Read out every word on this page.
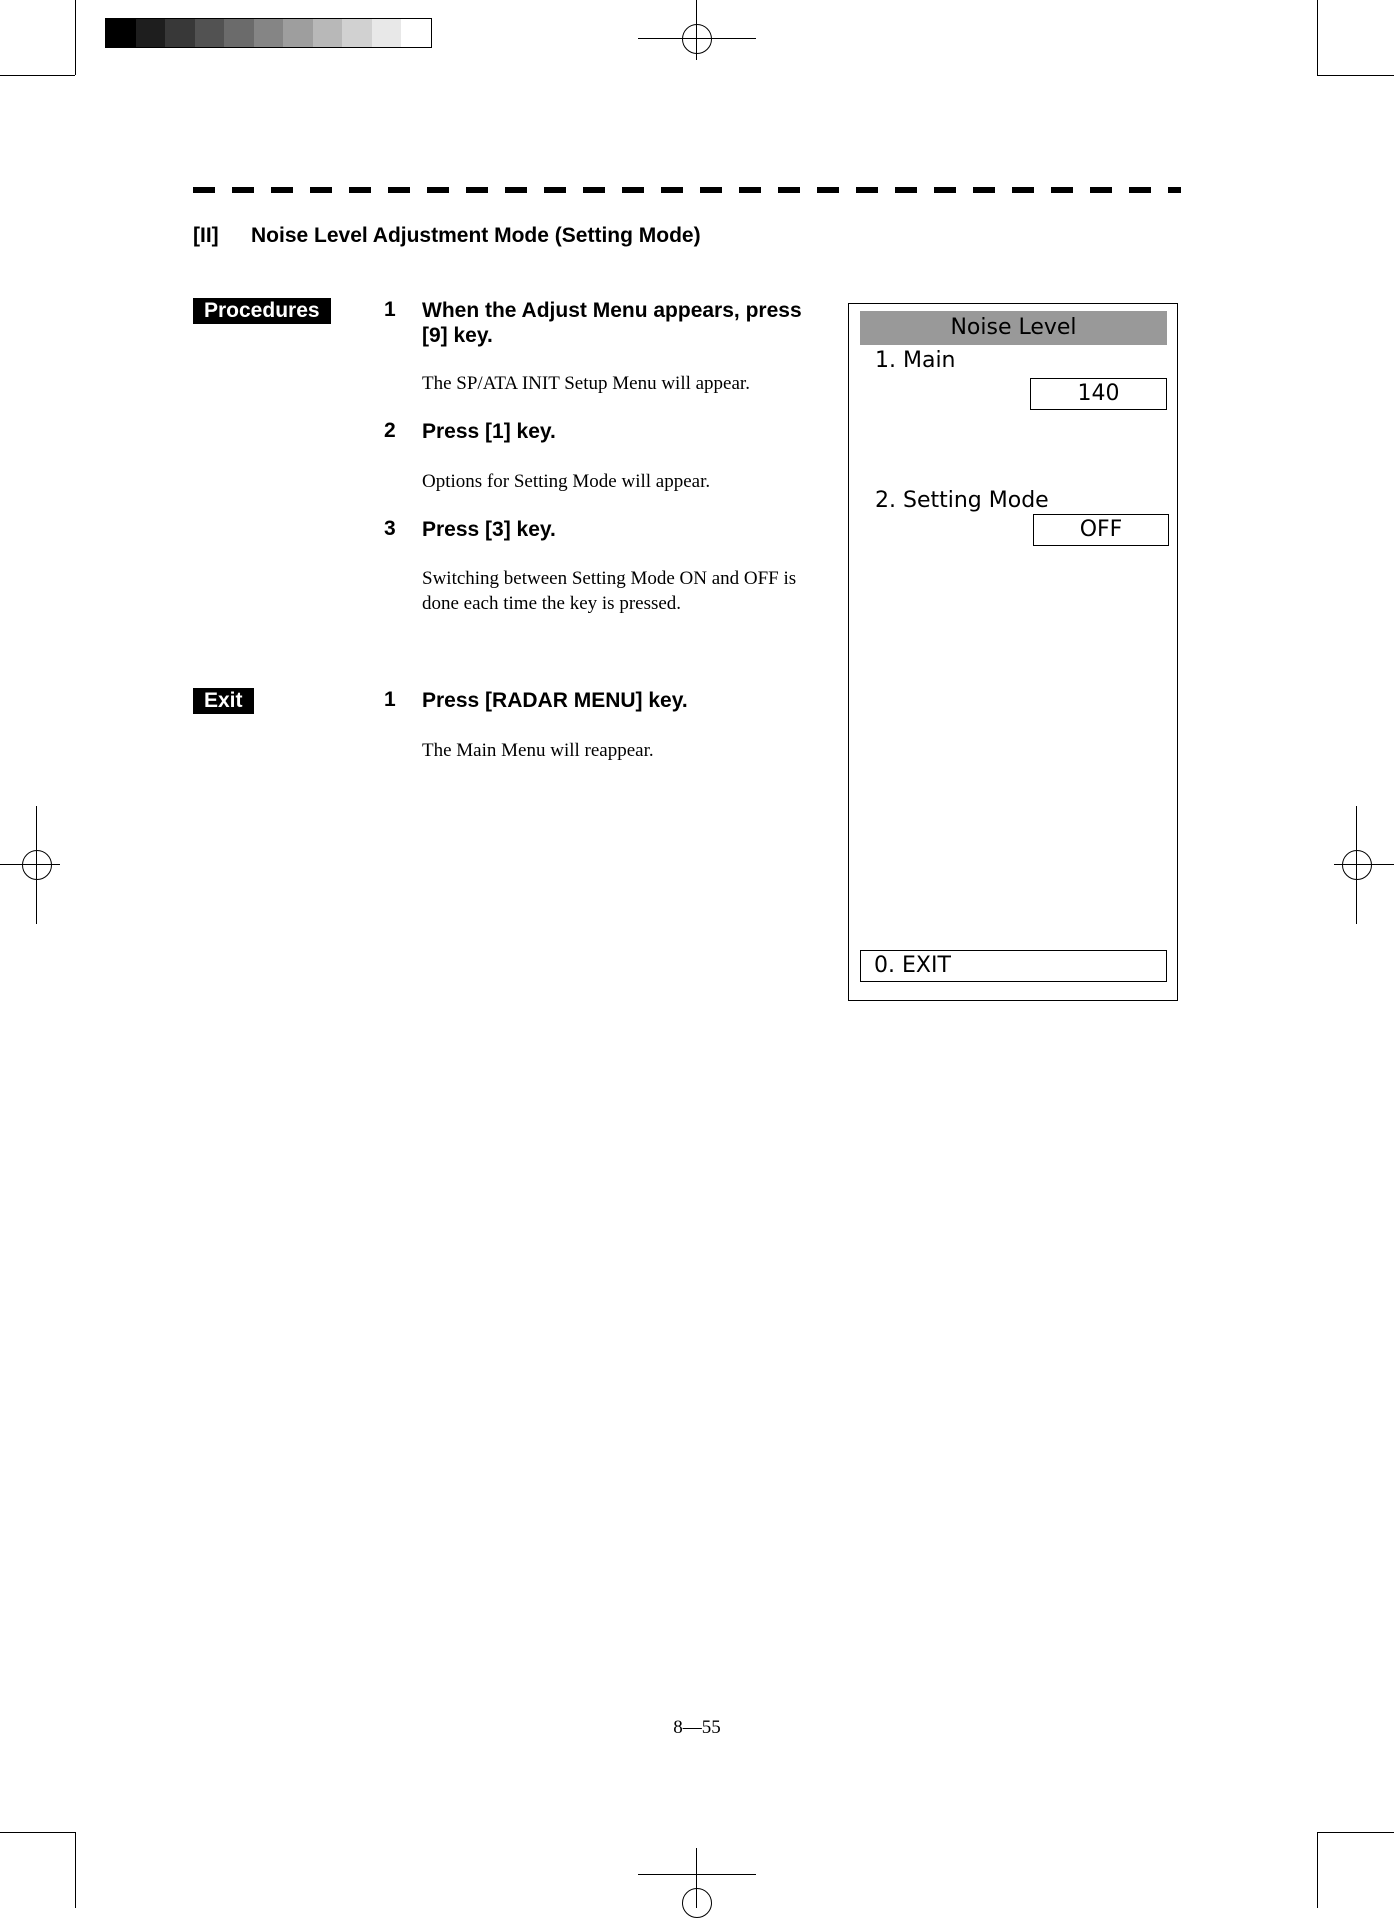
[II] Noise Level Adjustment Mode (Setting Mode)
Procedures	1 When the Adjust Menu appears, press [9] key.
The SP/ATA INIT Setup Menu will appear.
2 Press [1] key.
Options for Setting Mode will appear.
3 Press [3] key.
Switching between Setting Mode ON and OFF is done each time the key is pressed.
Exit	1 Press [RADAR MENU] key.
The Main Menu will reappear.
Noise Level
1. Main
140
2. Setting Mode
OFF
0. EXIT
8—55
